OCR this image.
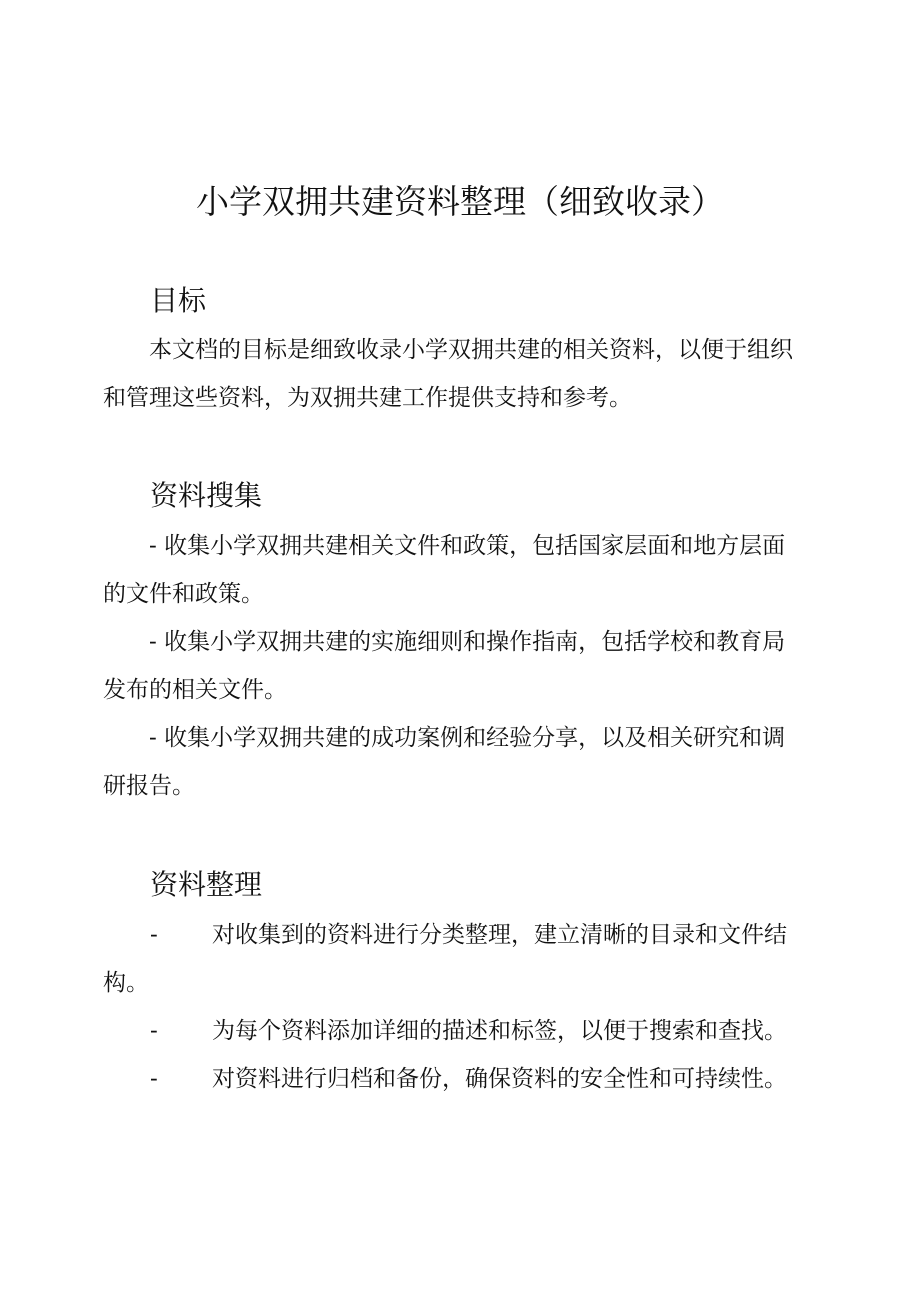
小学双拥共建资料整理（细致收录）
目标

本文档的目标是细致收录小学双拥共建的相关资料，以便于组织和管理这些资料，为双拥共建工作提供支持和参考。

资料搜集

- 收集小学双拥共建相关文件和政策，包括国家层面和地方层面的文件和政策。

- 收集小学双拥共建的实施细则和操作指南，包括学校和教育局发布的相关文件。

- 收集小学双拥共建的成功案例和经验分享，以及相关研究和调研报告。

资料整理

- 对收集到的资料进行分类整理，建立清晰的目录和文件结

构。

- 为每个资料添加详细的描述和标签，以便于搜索和查找。

- 对资料进行归档和备份，确保资料的安全性和可持续性。
